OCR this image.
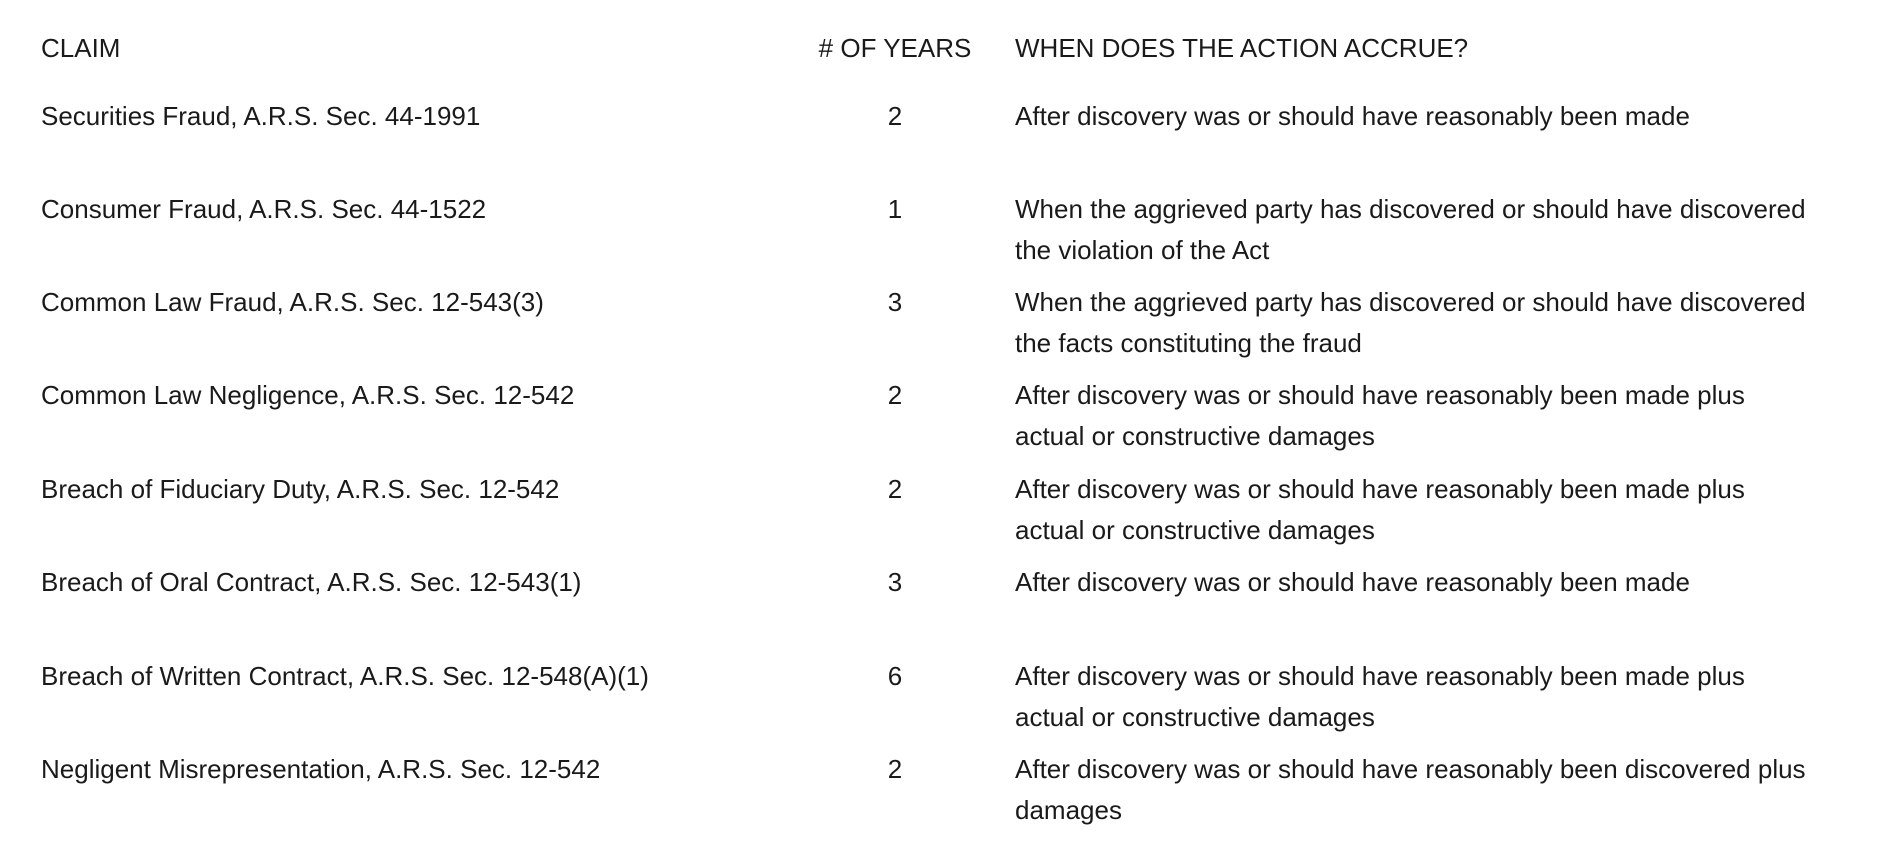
CLAIM	# OF YEARS	WHEN DOES THE ACTION ACCRUE?
Securities Fraud, A.R.S. Sec. 44-1991	2	After discovery was or should have reasonably been made
Consumer Fraud, A.R.S. Sec. 44-1522	1	When the aggrieved party has discovered or should have discovered
the violation of the Act
Common Law Fraud, A.R.S. Sec. 12-543(3)	3	When the aggrieved party has discovered or should have discovered
the facts constituting the fraud
Common Law Negligence, A.R.S. Sec. 12-542	2	After discovery was or should have reasonably been made plus
actual or constructive damages
Breach of Fiduciary Duty, A.R.S. Sec. 12-542	2	After discovery was or should have reasonably been made plus
actual or constructive damages
Breach of Oral Contract, A.R.S. Sec. 12-543(1)	3	After discovery was or should have reasonably been made
Breach of Written Contract, A.R.S. Sec. 12-548(A)(1)	6	After discovery was or should have reasonably been made plus
actual or constructive damages
Negligent Misrepresentation, A.R.S. Sec. 12-542	2	After discovery was or should have reasonably been discovered plus
damages
